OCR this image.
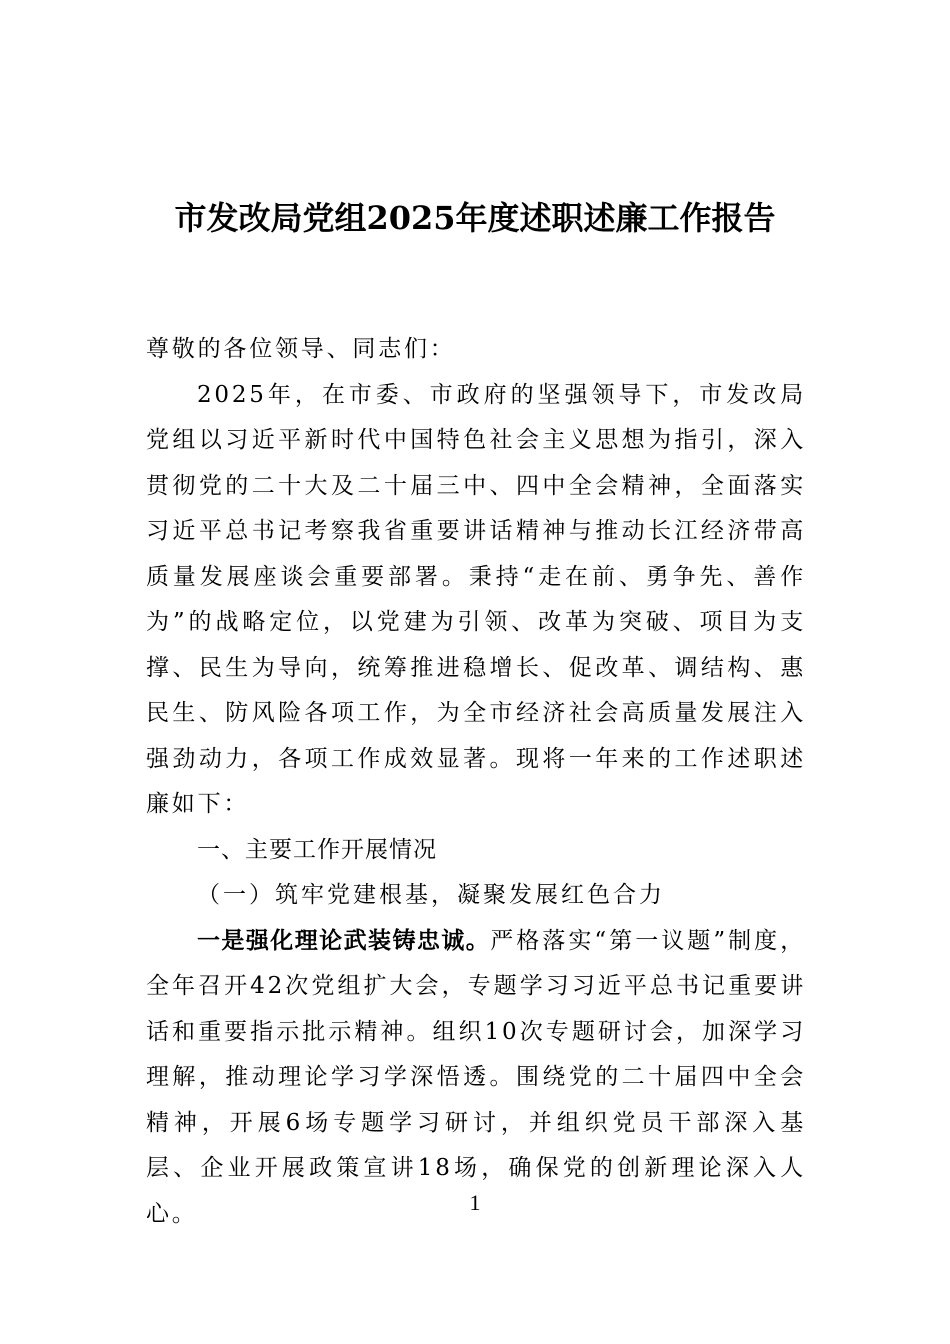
市发改局党组2025年度述职述廉工作报告

尊敬的各位领导、同志们：

2025年，在市委、市政府的坚强领导下，市发改局党组以习近平新时代中国特色社会主义思想为指引，深入贯彻党的二十大及二十届三中、四中全会精神，全面落实习近平总书记考察我省重要讲话精神与推动长江经济带高质量发展座谈会重要部署。秉持“走在前、勇争先、善作为”的战略定位，以党建为引领、改革为突破、项目为支撑、民生为导向，统筹推进稳增长、促改革、调结构、惠民生、防风险各项工作，为全市经济社会高质量发展注入强劲动力，各项工作成效显著。现将一年来的工作述职述廉如下：

一、主要工作开展情况

（一）筑牢党建根基，凝聚发展红色合力

一是强化理论武装铸忠诚。严格落实“第一议题”制度，全年召开42次党组扩大会，专题学习习近平总书记重要讲话和重要指示批示精神。组织10次专题研讨会，加深学习理解，推动理论学习学深悟透。围绕党的二十届四中全会精神，开展6场专题学习研讨，并组织党员干部深入基层、企业开展政策宣讲18场，确保党的创新理论深入人心。	1
